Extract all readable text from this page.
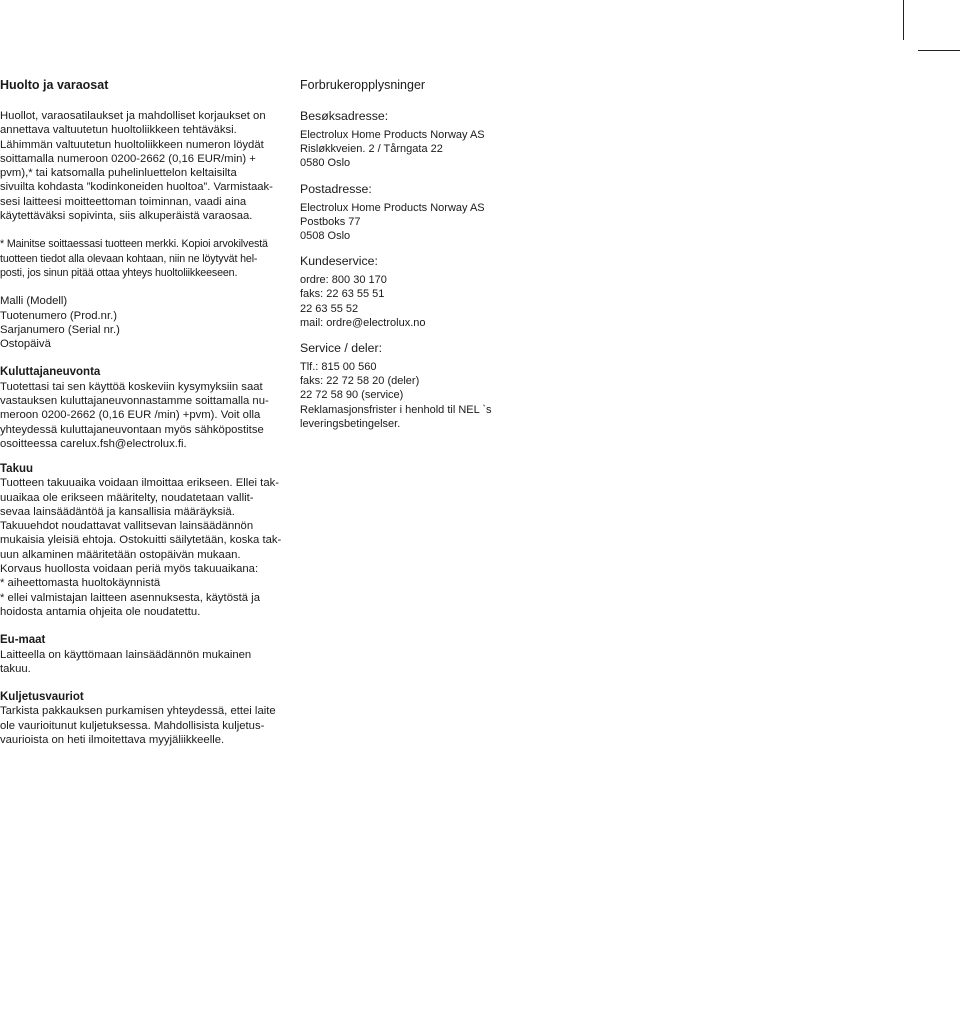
Huolto ja varaosat

Huollot, varaosatilaukset ja mahdolliset korjaukset on
annettava valtuutetun huoltoliikkeen tehtäväksi.
Lähimmän valtuutetun huoltoliikkeen numeron löydät
soittamalla numeroon 0200-2662 (0,16 EUR/min) +
pvm),* tai katsomalla puhelinluettelon keltaisilta
sivuilta kohdasta ”kodinkoneiden huoltoa”. Varmistaak-
sesi laitteesi moitteettoman toiminnan, vaadi aina
käytettäväksi sopivinta, siis alkuperäistä varaosaa.

* Mainitse soittaessasi tuotteen merkki. Kopioi arvokilvestä
tuotteen tiedot alla olevaan kohtaan, niin ne löytyvät hel-
posti, jos sinun pitää ottaa yhteys huoltoliikkeeseen.

Malli (Modell)
Tuotenumero (Prod.nr.)
Sarjanumero (Serial nr.)
Ostopäivä

Kuluttajaneuvonta

Tuotettasi tai sen käyttöä koskeviin kysymyksiin saat
vastauksen kuluttajaneuvonnastamme soittamalla nu-
meroon 0200-2662 (0,16 EUR /min) +pvm). Voit olla
yhteydessä kuluttajaneuvontaan myös sähköpostitse
osoitteessa carelux.fsh@electrolux.fi.

Takuu

Tuotteen takuuaika voidaan ilmoittaa erikseen. Ellei tak-
uuaikaa ole erikseen määritelty, noudatetaan vallit-
sevaa lainsäädäntöä ja kansallisia määräyksiä.
Takuuehdot noudattavat vallitsevan lainsäädännön
mukaisia yleisiä ehtoja. Ostokuitti säilytetään, koska tak-
uun alkaminen määritetään ostopäivän mukaan.
Korvaus huollosta voidaan periä myös takuuaikana:
* aiheettomasta huoltokäynnistä
* ellei valmistajan laitteen asennuksesta, käytöstä ja
hoidosta antamia ohjeita ole noudatettu.

Eu-maat

Laitteella on käyttömaan lainsäädännön mukainen takuu.

Kuljetusvauriot

Tarkista pakkauksen purkamisen yhteydessä, ettei laite
ole vaurioitunut kuljetuksessa. Mahdollisista kuljetus-
vaurioista on heti ilmoitettava myyjäliikkeelle.

Forbrukeropplysninger

Besøksadresse:

Electrolux Home Products Norway AS
Risløkkveien. 2 / Tårngata 22
0580 Oslo

Postadresse:

Electrolux Home Products Norway AS
Postboks 77
0508 Oslo

Kundeservice:

ordre: 800 30 170
faks: 22 63 55 51
22 63 55 52
mail: ordre@electrolux.no

Service / deler:

Tlf.: 815 00 560
faks: 22 72 58 20 (deler)
22 72 58 90 (service)
Reklamasjonsfrister i henhold til NEL `s
leveringsbetingelser.
